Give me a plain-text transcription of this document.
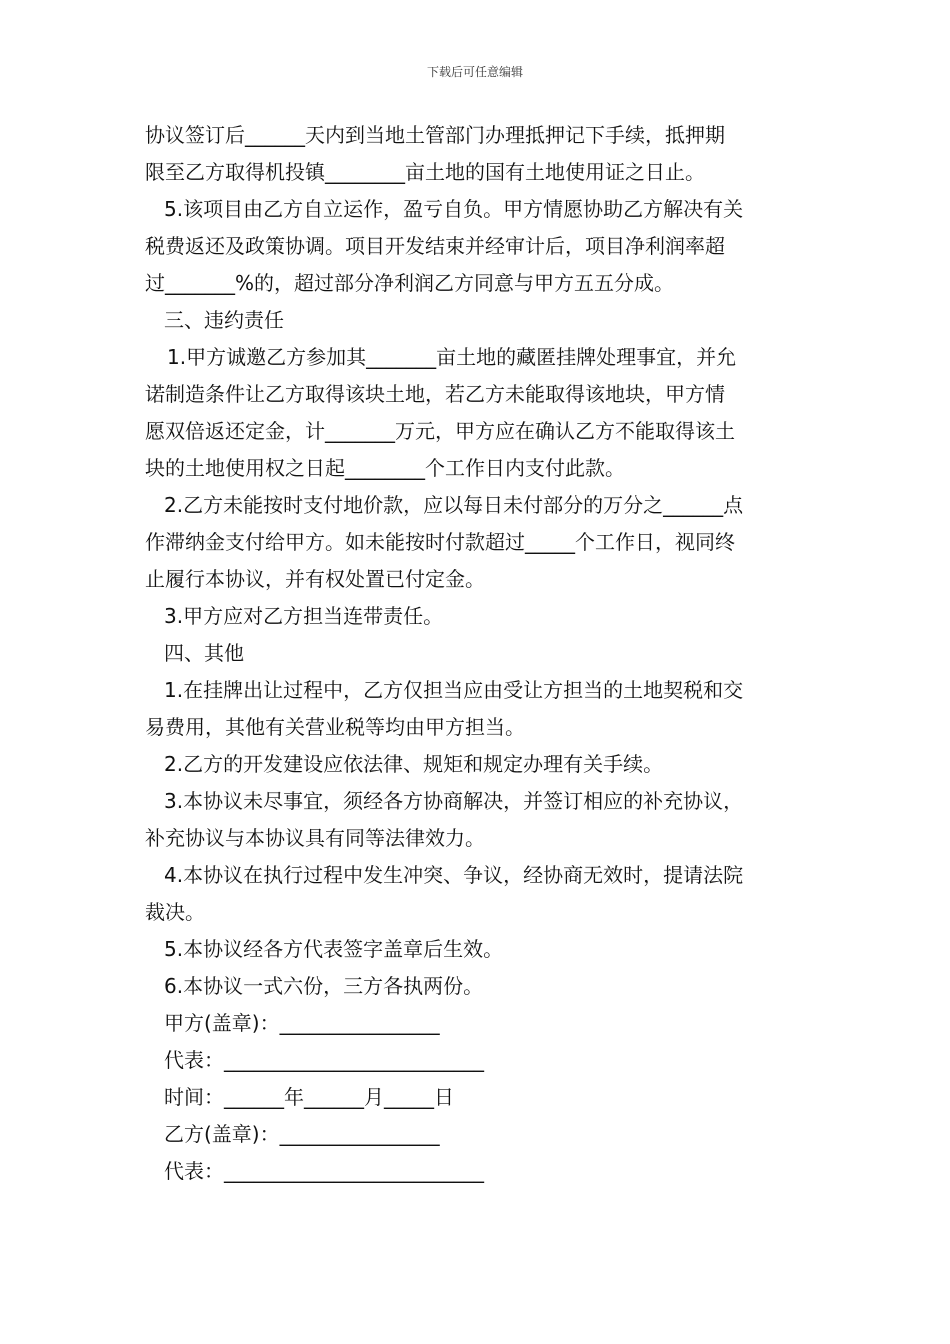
下载后可任意编辑
协议签订后______天内到当地土管部门办理抵押记下手续，抵押期
限至乙方取得机投镇________亩土地的国有土地使用证之日止。
5.该项目由乙方自立运作，盈亏自负。甲方情愿协助乙方解决有关
税费返还及政策协调。项目开发结束并经审计后，项目净利润率超
过_______%的，超过部分净利润乙方同意与甲方五五分成。
三、违约责任
1.甲方诚邀乙方参加其_______亩土地的藏匿挂牌处理事宜，并允
诺制造条件让乙方取得该块土地，若乙方未能取得该地块，甲方情
愿双倍返还定金，计_______万元，甲方应在确认乙方不能取得该土
块的土地使用权之日起________个工作日内支付此款。
2.乙方未能按时支付地价款，应以每日未付部分的万分之______点
作滞纳金支付给甲方。如未能按时付款超过_____个工作日，视同终
止履行本协议，并有权处置已付定金。
3.甲方应对乙方担当连带责任。
四、其他
1.在挂牌出让过程中，乙方仅担当应由受让方担当的土地契税和交
易费用，其他有关营业税等均由甲方担当。
2.乙方的开发建设应依法律、规矩和规定办理有关手续。
3.本协议未尽事宜，须经各方协商解决，并签订相应的补充协议，
补充协议与本协议具有同等法律效力。
4.本协议在执行过程中发生冲突、争议，经协商无效时，提请法院
裁决。
5.本协议经各方代表签字盖章后生效。
6.本协议一式六份，三方各执两份。
甲方(盖章)：________________
代表：__________________________
时间：______年______月_____日
乙方(盖章)：________________
代表：__________________________
